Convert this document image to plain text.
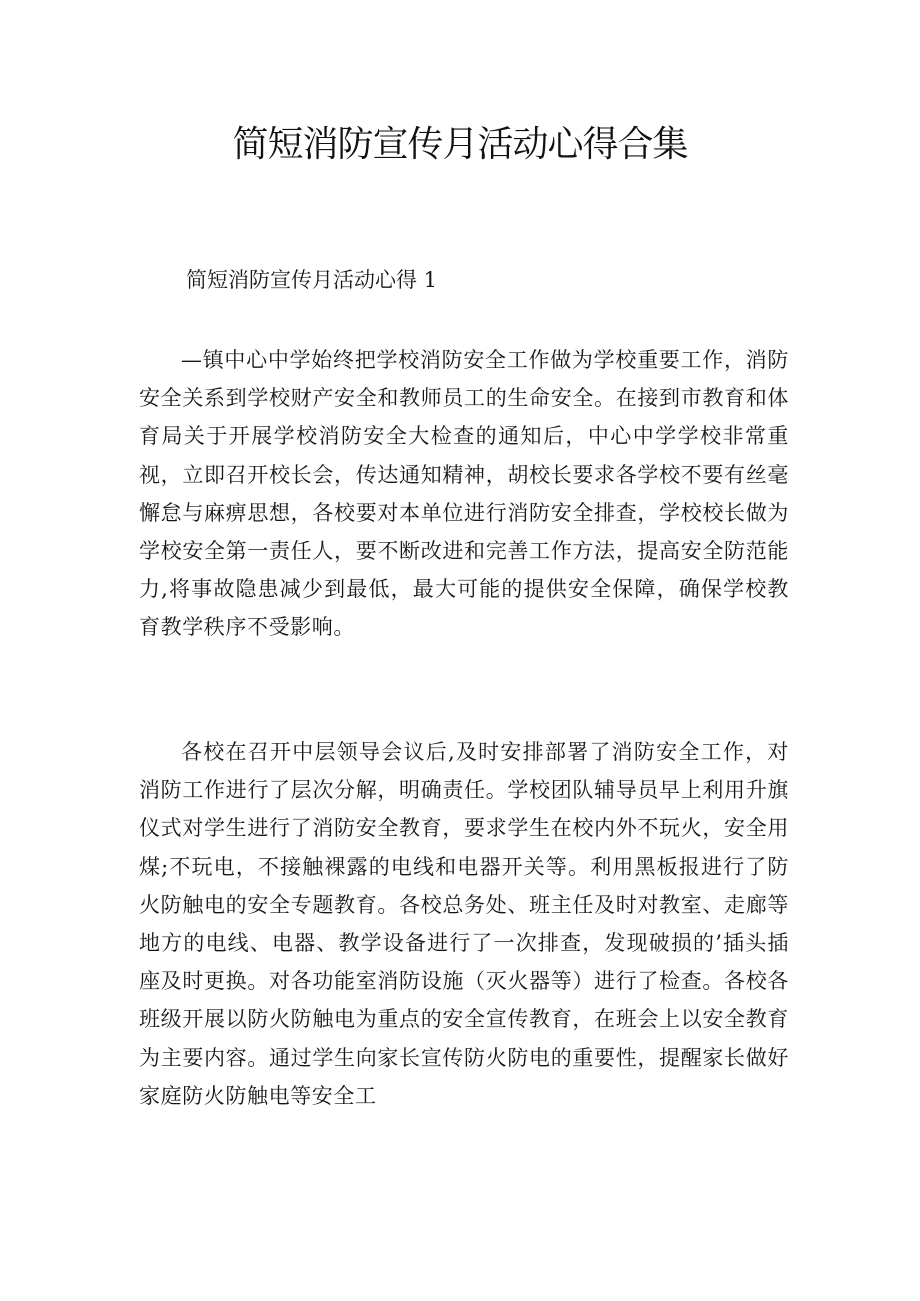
简短消防宣传月活动心得合集
简短消防宣传月活动心得 1

—镇中心中学始终把学校消防安全工作做为学校重要工作，消防安全关系到学校财产安全和教师员工的生命安全。在接到市教育和体育局关于开展学校消防安全大检查的通知后，中心中学学校非常重视，立即召开校长会，传达通知精神，胡校长要求各学校不要有丝毫懈怠与麻痹思想，各校要对本单位进行消防安全排查，学校校长做为学校安全第一责任人，要不断改进和完善工作方法，提高安全防范能力,将事故隐患减少到最低，最大可能的提供安全保障，确保学校教育教学秩序不受影响。

各校在召开中层领导会议后,及时安排部署了消防安全工作，对消防工作进行了层次分解，明确责任。学校团队辅导员早上利用升旗仪式对学生进行了消防安全教育，要求学生在校内外不玩火，安全用煤;不玩电，不接触裸露的电线和电器开关等。利用黑板报进行了防火防触电的安全专题教育。各校总务处、班主任及时对教室、走廊等地方的电线、电器、教学设备进行了一次排查，发现破损的’插头插座及时更换。对各功能室消防设施（灭火器等）进行了检查。各校各班级开展以防火防触电为重点的安全宣传教育，在班会上以安全教育为主要内容。通过学生向家长宣传防火防电的重要性，提醒家长做好家庭防火防触电等安全工
